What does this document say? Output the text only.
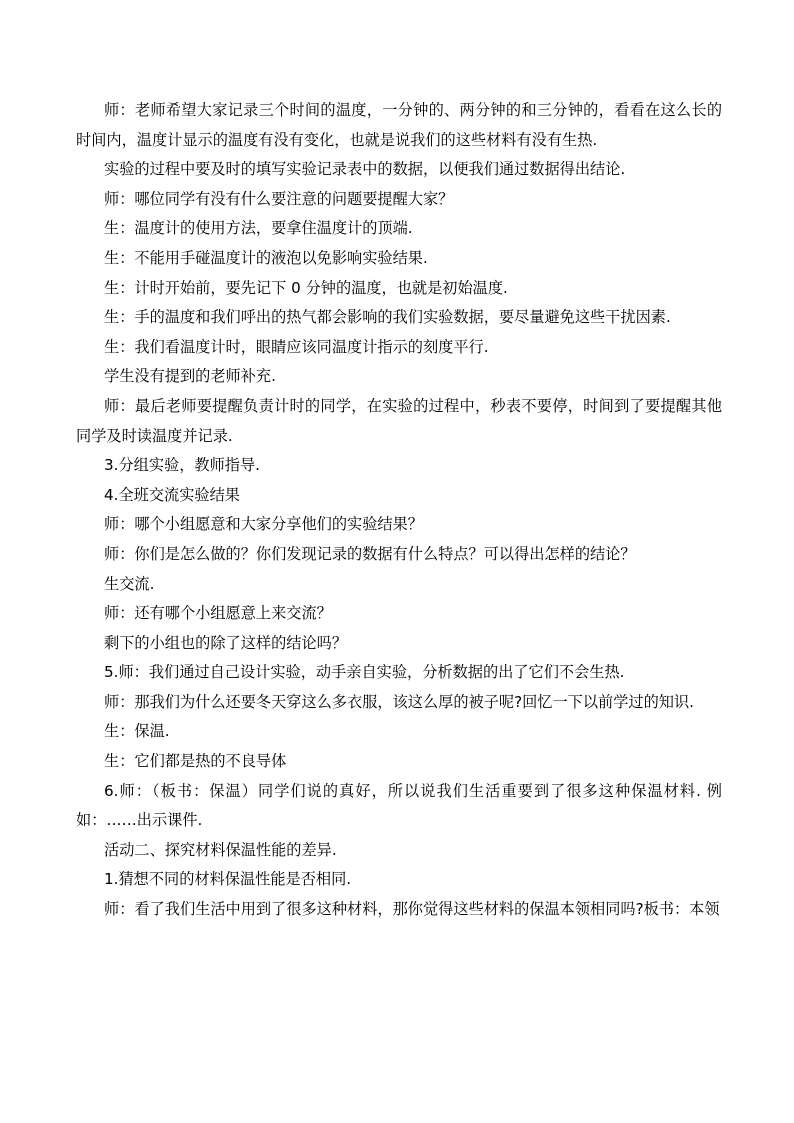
师：老师希望大家记录三个时间的温度，一分钟的、两分钟的和三分钟的，看看在这么长的时间内，温度计显示的温度有没有变化，也就是说我们的这些材料有没有生热.

实验的过程中要及时的填写实验记录表中的数据，以便我们通过数据得出结论.

师：哪位同学有没有什么要注意的问题要提醒大家？

生：温度计的使用方法，要拿住温度计的顶端.

生：不能用手碰温度计的液泡以免影响实验结果.

生：计时开始前，要先记下 0 分钟的温度，也就是初始温度.

生：手的温度和我们呼出的热气都会影响的我们实验数据，要尽量避免这些干扰因素.

生：我们看温度计时，眼睛应该同温度计指示的刻度平行.

学生没有提到的老师补充.

师：最后老师要提醒负责计时的同学，在实验的过程中，秒表不要停，时间到了要提醒其他同学及时读温度并记录.

3.分组实验，教师指导.

4.全班交流实验结果

师：哪个小组愿意和大家分享他们的实验结果？

师：你们是怎么做的？你们发现记录的数据有什么特点？可以得出怎样的结论？

生交流.

师：还有哪个小组愿意上来交流？

剩下的小组也的除了这样的结论吗？

5.师：我们通过自己设计实验，动手亲自实验，分析数据的出了它们不会生热.

师：那我们为什么还要冬天穿这么多衣服，该这么厚的被子呢?回忆一下以前学过的知识.

生：保温.

生：它们都是热的不良导体

6.师：（板书：保温）同学们说的真好，所以说我们生活重要到了很多这种保温材料. 例如：……出示课件.

活动二、探究材料保温性能的差异.

1.猜想不同的材料保温性能是否相同.

师：看了我们生活中用到了很多这种材料，那你觉得这些材料的保温本领相同吗?板书：本领
